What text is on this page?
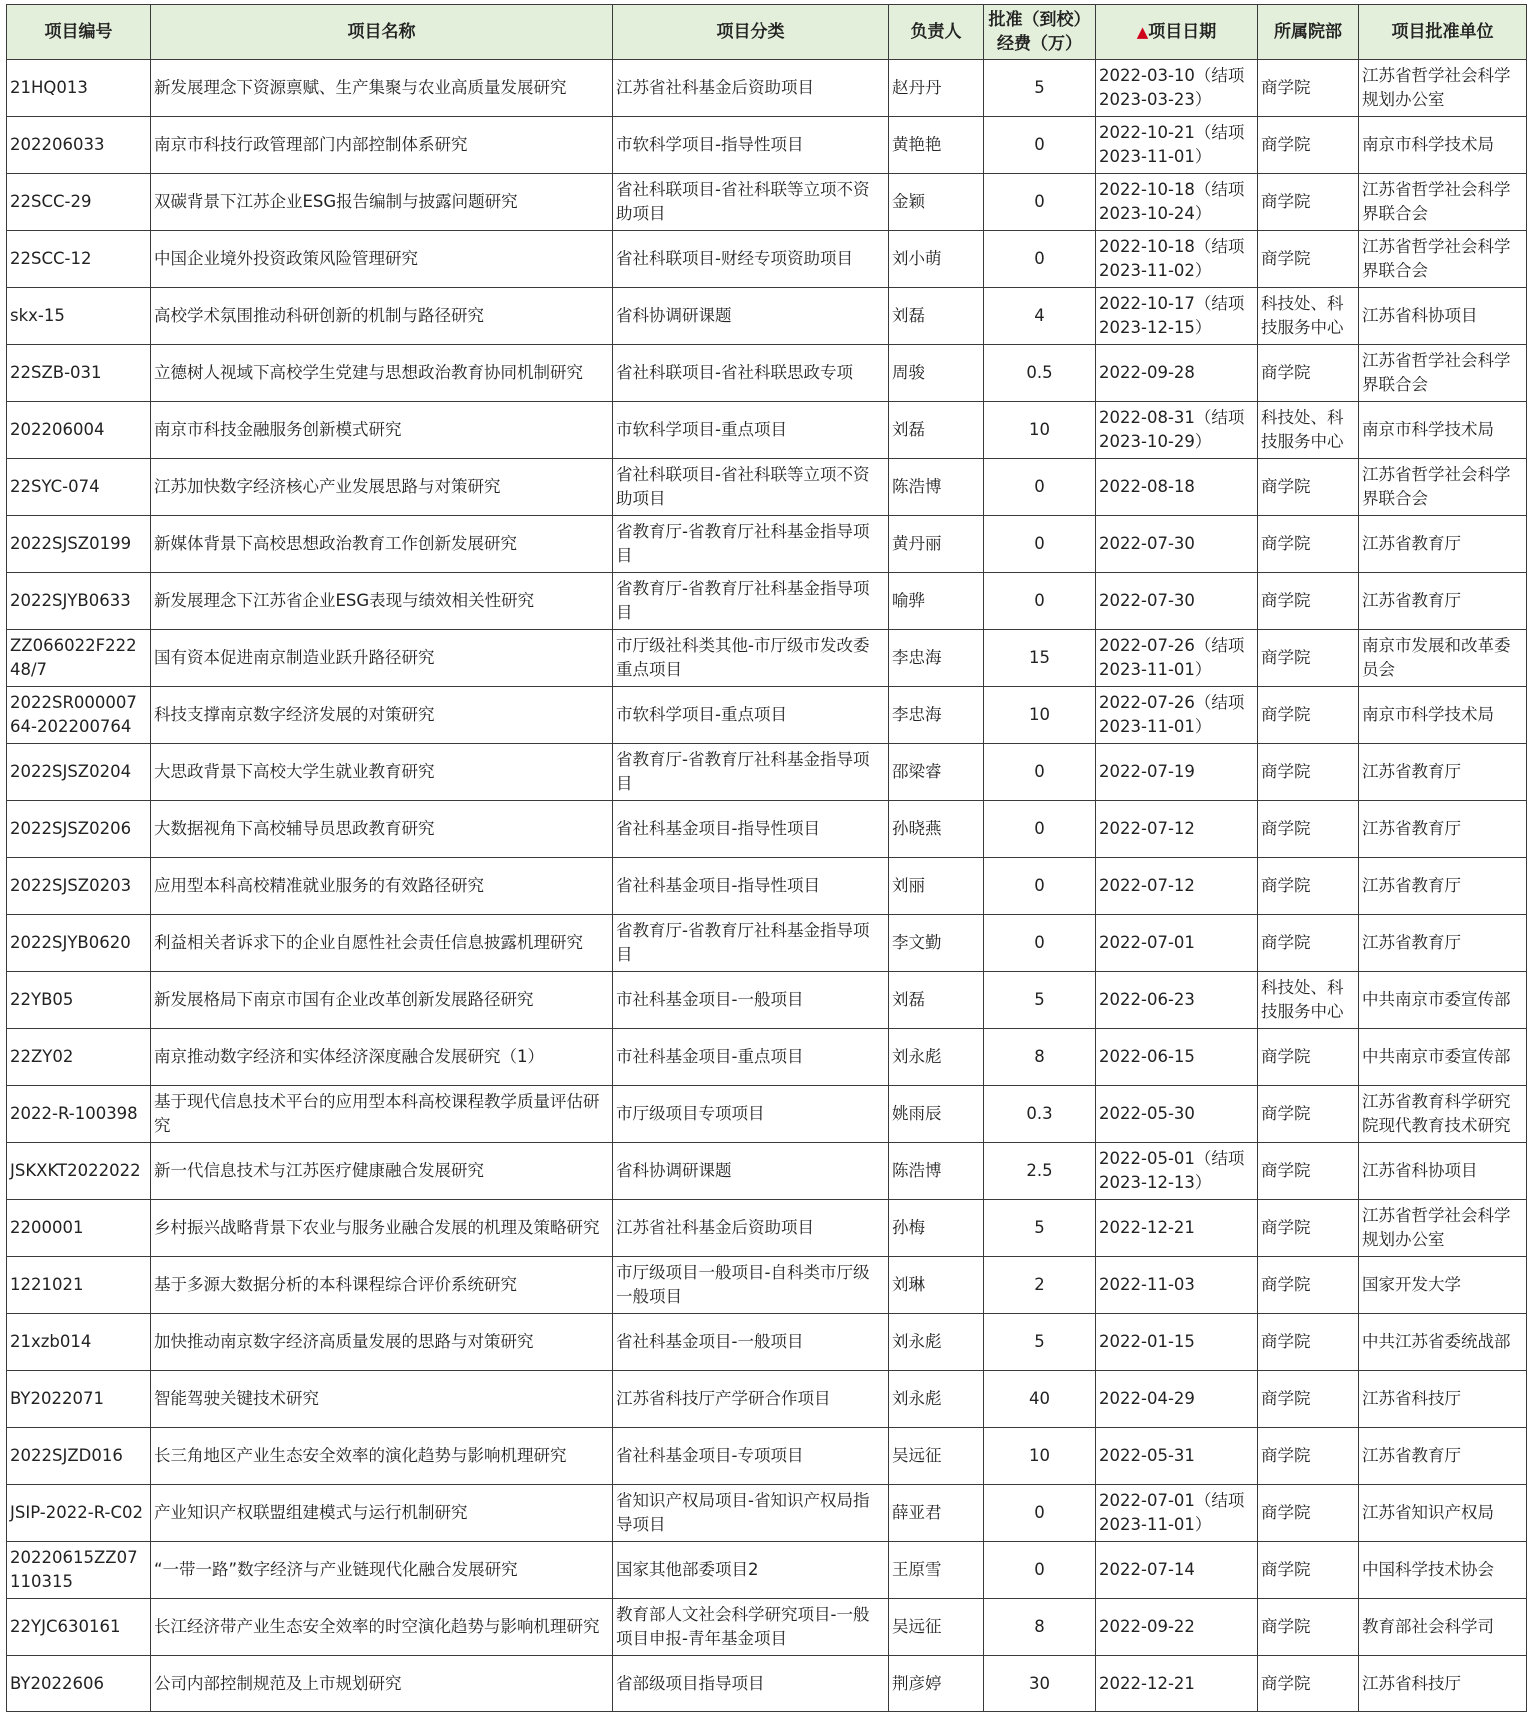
项目编号	项目名称	项目分类	负责人	批准（到校）经费（万）	▲项目日期	所属院部	项目批准单位
21HQ013	新发展理念下资源禀赋、生产集聚与农业高质量发展研究	江苏省社科基金后资助项目	赵丹丹	5	2022-03-10（结项2023-03-23）	商学院	江苏省哲学社会科学规划办公室
202206033	南京市科技行政管理部门内部控制体系研究	市软科学项目-指导性项目	黄艳艳	0	2022-10-21（结项2023-11-01）	商学院	南京市科学技术局
22SCC-29	双碳背景下江苏企业ESG报告编制与披露问题研究	省社科联项目-省社科联等立项不资助项目	金颖	0	2022-10-18（结项2023-10-24）	商学院	江苏省哲学社会科学界联合会
22SCC-12	中国企业境外投资政策风险管理研究	省社科联项目-财经专项资助项目	刘小萌	0	2022-10-18（结项2023-11-02）	商学院	江苏省哲学社会科学界联合会
skx-15	高校学术氛围推动科研创新的机制与路径研究	省科协调研课题	刘磊	4	2022-10-17（结项2023-12-15）	科技处、科技服务中心	江苏省科协项目
22SZB-031	立德树人视域下高校学生党建与思想政治教育协同机制研究	省社科联项目-省社科联思政专项	周骏	0.5	2022-09-28	商学院	江苏省哲学社会科学界联合会
202206004	南京市科技金融服务创新模式研究	市软科学项目-重点项目	刘磊	10	2022-08-31（结项2023-10-29）	科技处、科技服务中心	南京市科学技术局
22SYC-074	江苏加快数字经济核心产业发展思路与对策研究	省社科联项目-省社科联等立项不资助项目	陈浩博	0	2022-08-18	商学院	江苏省哲学社会科学界联合会
2022SJSZ0199	新媒体背景下高校思想政治教育工作创新发展研究	省教育厅-省教育厅社科基金指导项目	黄丹丽	0	2022-07-30	商学院	江苏省教育厅
2022SJYB0633	新发展理念下江苏省企业ESG表现与绩效相关性研究	省教育厅-省教育厅社科基金指导项目	喻骅	0	2022-07-30	商学院	江苏省教育厅
ZZ066022F22248/7	国有资本促进南京制造业跃升路径研究	市厅级社科类其他-市厅级市发改委重点项目	李忠海	15	2022-07-26（结项2023-11-01）	商学院	南京市发展和改革委员会
2022SR00000764-202200764	科技支撑南京数字经济发展的对策研究	市软科学项目-重点项目	李忠海	10	2022-07-26（结项2023-11-01）	商学院	南京市科学技术局
2022SJSZ0204	大思政背景下高校大学生就业教育研究	省教育厅-省教育厅社科基金指导项目	邵梁睿	0	2022-07-19	商学院	江苏省教育厅
2022SJSZ0206	大数据视角下高校辅导员思政教育研究	省社科基金项目-指导性项目	孙晓燕	0	2022-07-12	商学院	江苏省教育厅
2022SJSZ0203	应用型本科高校精准就业服务的有效路径研究	省社科基金项目-指导性项目	刘丽	0	2022-07-12	商学院	江苏省教育厅
2022SJYB0620	利益相关者诉求下的企业自愿性社会责任信息披露机理研究	省教育厅-省教育厅社科基金指导项目	李文勤	0	2022-07-01	商学院	江苏省教育厅
22YB05	新发展格局下南京市国有企业改革创新发展路径研究	市社科基金项目-一般项目	刘磊	5	2022-06-23	科技处、科技服务中心	中共南京市委宣传部
22ZY02	南京推动数字经济和实体经济深度融合发展研究（1）	市社科基金项目-重点项目	刘永彪	8	2022-06-15	商学院	中共南京市委宣传部
2022-R-100398	基于现代信息技术平台的应用型本科高校课程教学质量评估研究	市厅级项目专项项目	姚雨辰	0.3	2022-05-30	商学院	江苏省教育科学研究院现代教育技术研究
JSKXKT2022022	新一代信息技术与江苏医疗健康融合发展研究	省科协调研课题	陈浩博	2.5	2022-05-01（结项2023-12-13）	商学院	江苏省科协项目
2200001	乡村振兴战略背景下农业与服务业融合发展的机理及策略研究	江苏省社科基金后资助项目	孙梅	5	2022-12-21	商学院	江苏省哲学社会科学规划办公室
1221021	基于多源大数据分析的本科课程综合评价系统研究	市厅级项目一般项目-自科类市厅级一般项目	刘琳	2	2022-11-03	商学院	国家开发大学
21xzb014	加快推动南京数字经济高质量发展的思路与对策研究	省社科基金项目-一般项目	刘永彪	5	2022-01-15	商学院	中共江苏省委统战部
BY2022071	智能驾驶关键技术研究	江苏省科技厅产学研合作项目	刘永彪	40	2022-04-29	商学院	江苏省科技厅
2022SJZD016	长三角地区产业生态安全效率的演化趋势与影响机理研究	省社科基金项目-专项项目	吴远征	10	2022-05-31	商学院	江苏省教育厅
JSIP-2022-R-C02	产业知识产权联盟组建模式与运行机制研究	省知识产权局项目-省知识产权局指导项目	薛亚君	0	2022-07-01（结项2023-11-01）	商学院	江苏省知识产权局
20220615ZZ07110315	“一带一路”数字经济与产业链现代化融合发展研究	国家其他部委项目2	王原雪	0	2022-07-14	商学院	中国科学技术协会
22YJC630161	长江经济带产业生态安全效率的时空演化趋势与影响机理研究	教育部人文社会科学研究项目-一般项目申报-青年基金项目	吴远征	8	2022-09-22	商学院	教育部社会科学司
BY2022606	公司内部控制规范及上市规划研究	省部级项目指导项目	荆彦婷	30	2022-12-21	商学院	江苏省科技厅
